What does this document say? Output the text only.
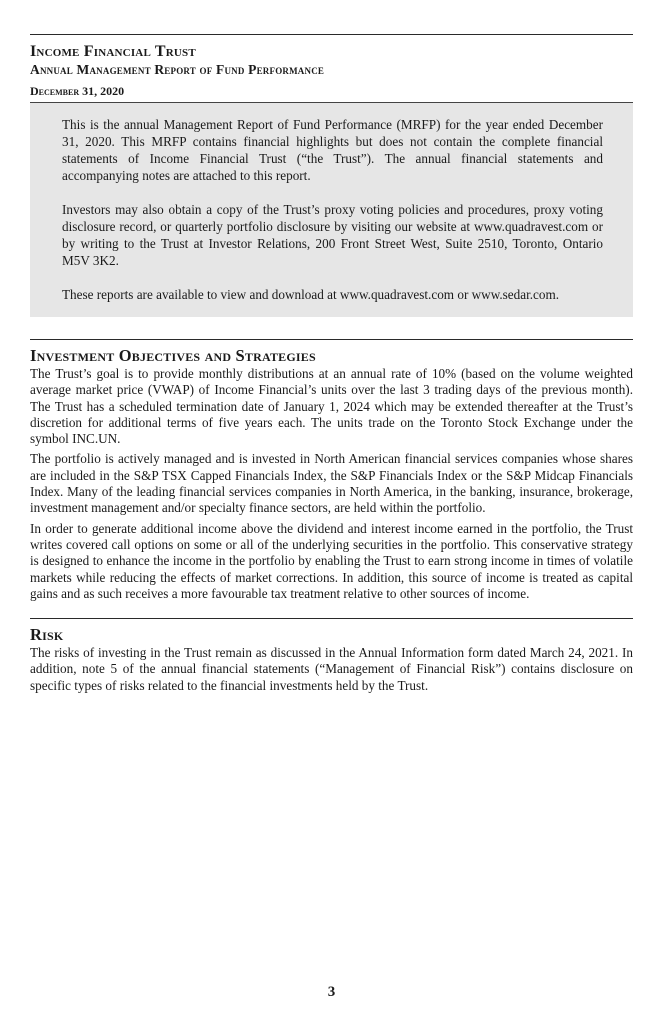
Income Financial Trust
Annual Management Report of Fund Performance
December 31, 2020

This is the annual Management Report of Fund Performance (MRFP) for the year ended December 31, 2020. This MRFP contains financial highlights but does not contain the complete financial statements of Income Financial Trust (“the Trust”). The annual financial statements and accompanying notes are attached to this report.

Investors may also obtain a copy of the Trust’s proxy voting policies and procedures, proxy voting disclosure record, or quarterly portfolio disclosure by visiting our website at www.quadravest.com or by writing to the Trust at Investor Relations, 200 Front Street West, Suite 2510, Toronto, Ontario M5V 3K2.

These reports are available to view and download at www.quadravest.com or www.sedar.com.

Investment Objectives and Strategies

The Trust’s goal is to provide monthly distributions at an annual rate of 10% (based on the volume weighted average market price (VWAP) of Income Financial’s units over the last 3 trading days of the previous month). The Trust has a scheduled termination date of January 1, 2024 which may be extended thereafter at the Trust’s discretion for additional terms of five years each. The units trade on the Toronto Stock Exchange under the symbol INC.UN.

The portfolio is actively managed and is invested in North American financial services companies whose shares are included in the S&P TSX Capped Financials Index, the S&P Financials Index or the S&P Midcap Financials Index. Many of the leading financial services companies in North America, in the banking, insurance, brokerage, investment management and/or specialty finance sectors, are held within the portfolio.

In order to generate additional income above the dividend and interest income earned in the portfolio, the Trust writes covered call options on some or all of the underlying securities in the portfolio. This conservative strategy is designed to enhance the income in the portfolio by enabling the Trust to earn strong income in times of volatile markets while reducing the effects of market corrections. In addition, this source of income is treated as capital gains and as such receives a more favourable tax treatment relative to other sources of income.

Risk

The risks of investing in the Trust remain as discussed in the Annual Information form dated March 24, 2021. In addition, note 5 of the annual financial statements (“Management of Financial Risk”) contains disclosure on specific types of risks related to the financial investments held by the Trust.

3
